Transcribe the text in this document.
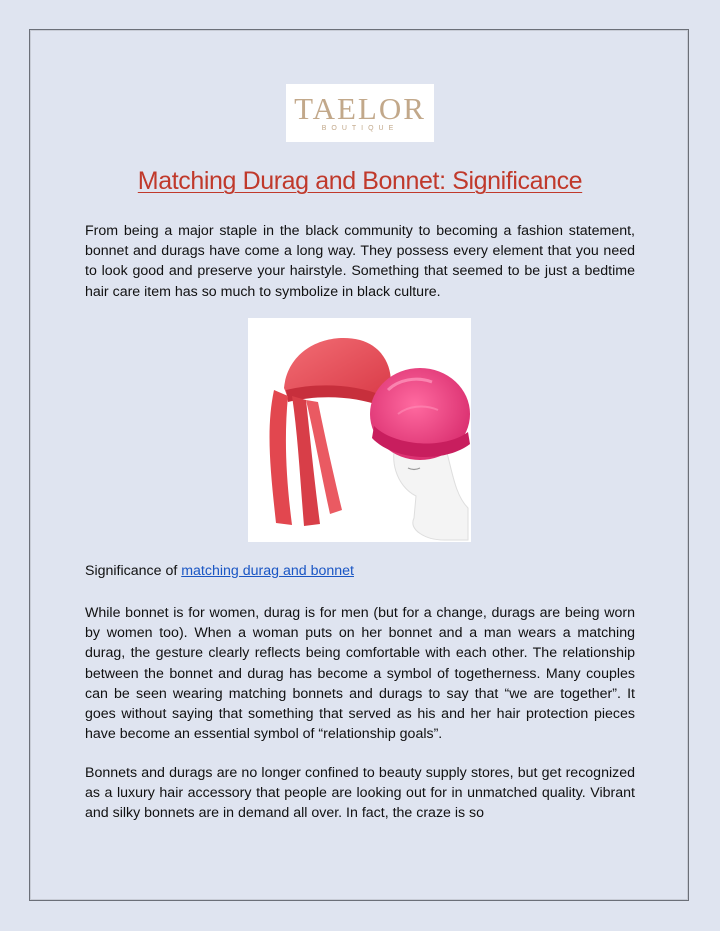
TAELOR
BOUTIQUE
Matching Durag and Bonnet: Significance

From being a major staple in the black community to becoming a fashion statement, bonnet and durags have come a long way. They possess every element that you need to look good and preserve your hairstyle. Something that seemed to be just a bedtime hair care item has so much to symbolize in black culture.

Significance of matching durag and bonnet

While bonnet is for women, durag is for men (but for a change, durags are being worn by women too). When a woman puts on her bonnet and a man wears a matching durag, the gesture clearly reflects being comfortable with each other. The relationship between the bonnet and durag has become a symbol of togetherness. Many couples can be seen wearing matching bonnets and durags to say that “we are together”. It goes without saying that something that served as his and her hair protection pieces have become an essential symbol of “relationship goals”.

Bonnets and durags are no longer confined to beauty supply stores, but get recognized as a luxury hair accessory that people are looking out for in unmatched quality. Vibrant and silky bonnets are in demand all over. In fact, the craze is so
